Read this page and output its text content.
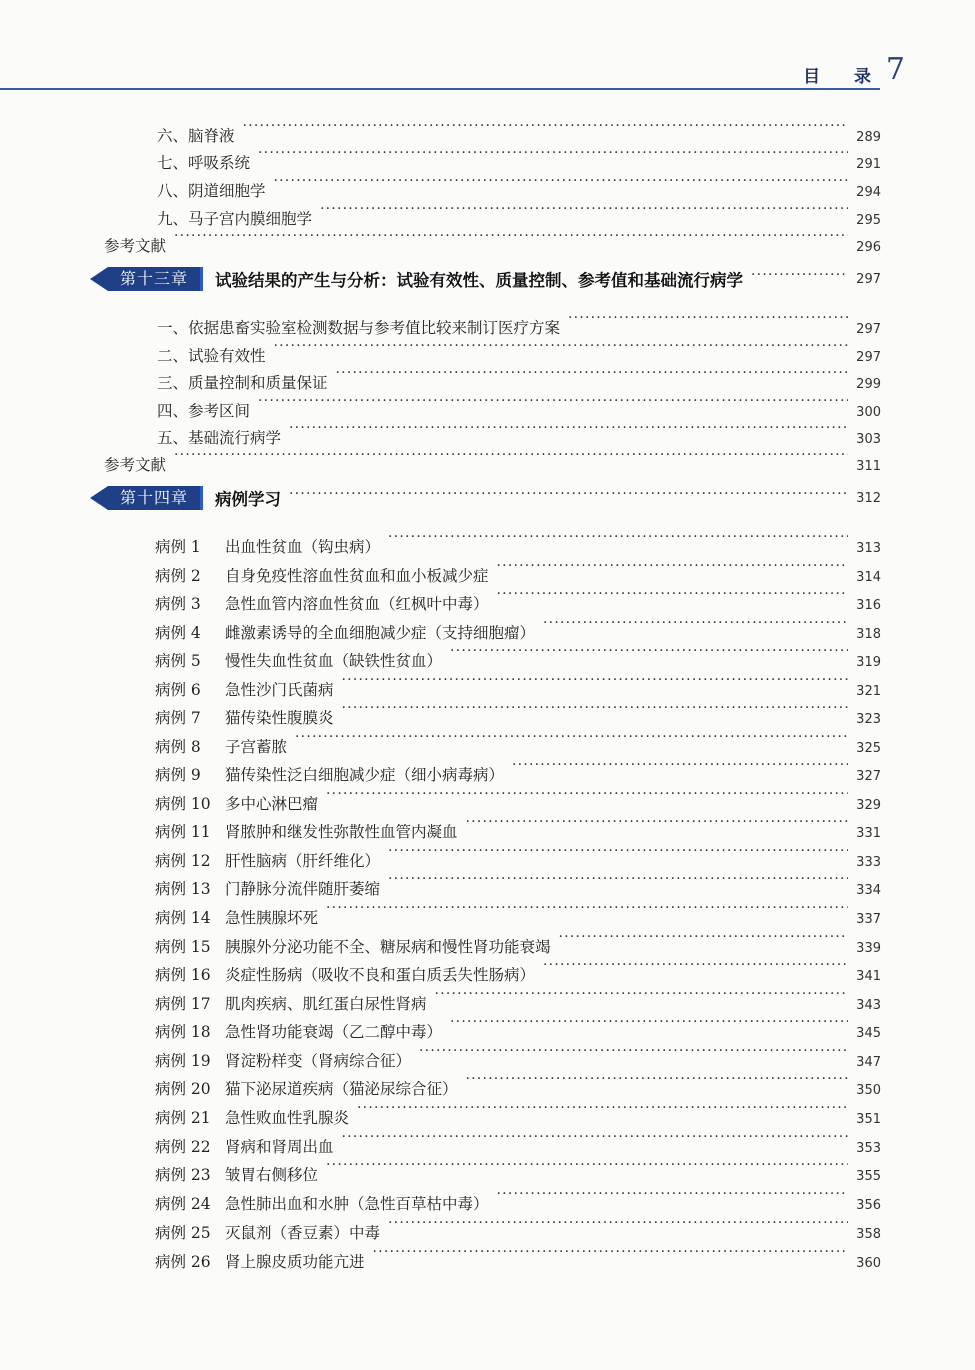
目 录 7
六、脑脊液 ·····	289
七、呼吸系统 ·····	291
八、阴道细胞学 ·····	294
九、马子宫内膜细胞学 ·····	295
参考文献 ·····	296
第十三章	试验结果的产生与分析：试验有效性、质量控制、参考值和基础流行病学 ·····	297
一、依据患畜实验室检测数据与参考值比较来制订医疗方案 ·····	297
二、试验有效性 ·····	297
三、质量控制和质量保证 ·····	299
四、参考区间 ·····	300
五、基础流行病学 ·····	303
参考文献 ·····	311
第十四章	病例学习 ·····	312
病例 1	出血性贫血（钩虫病） ·····	313
病例 2	自身免疫性溶血性贫血和血小板减少症 ·····	314
病例 3	急性血管内溶血性贫血（红枫叶中毒） ·····	316
病例 4	雌激素诱导的全血细胞减少症（支持细胞瘤） ·····	318
病例 5	慢性失血性贫血（缺铁性贫血） ·····	319
病例 6	急性沙门氏菌病 ·····	321
病例 7	猫传染性腹膜炎 ·····	323
病例 8	子宫蓄脓 ·····	325
病例 9	猫传染性泛白细胞减少症（细小病毒病） ·····	327
病例 10 多中心淋巴瘤 ·····	329
病例 11 肾脓肿和继发性弥散性血管内凝血 ·····	331
病例 12 肝性脑病（肝纤维化） ·····	333
病例 13 门静脉分流伴随肝萎缩 ·····	334
病例 14 急性胰腺坏死 ·····	337
病例 15 胰腺外分泌功能不全、糖尿病和慢性肾功能衰竭 ·····	339
病例 16 炎症性肠病（吸收不良和蛋白质丢失性肠病） ·····	341
病例 17 肌肉疾病、肌红蛋白尿性肾病 ·····	343
病例 18 急性肾功能衰竭（乙二醇中毒） ·····	345
病例 19 肾淀粉样变（肾病综合征） ·····	347
病例 20 猫下泌尿道疾病（猫泌尿综合征） ·····	350
病例 21 急性败血性乳腺炎 ·····	351
病例 22 肾病和肾周出血 ·····	353
病例 23 皱胃右侧移位 ·····	355
病例 24 急性肺出血和水肿（急性百草枯中毒） ·····	356
病例 25 灭鼠剂（香豆素）中毒 ·····	358
病例 26 肾上腺皮质功能亢进 ·····	360
